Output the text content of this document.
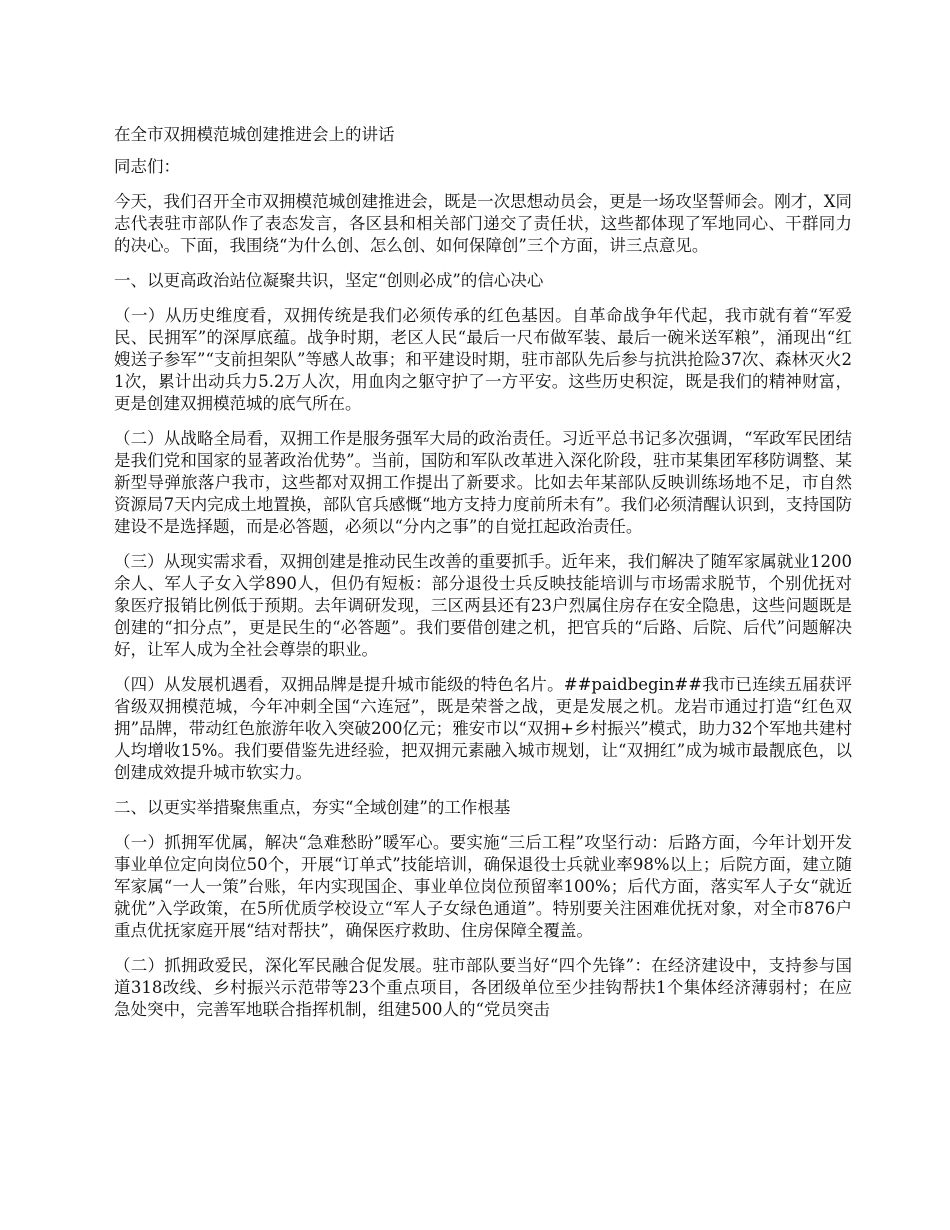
在全市双拥模范城创建推进会上的讲话

同志们：

今天，我们召开全市双拥模范城创建推进会，既是一次思想动员会，更是一场攻坚誓师会。刚才，X同志代表驻市部队作了表态发言，各区县和相关部门递交了责任状，这些都体现了军地同心、干群同力的决心。下面，我围绕“为什么创、怎么创、如何保障创”三个方面，讲三点意见。

一、以更高政治站位凝聚共识，坚定“创则必成”的信心决心

（一）从历史维度看，双拥传统是我们必须传承的红色基因。自革命战争年代起，我市就有着“军爱民、民拥军”的深厚底蕴。战争时期，老区人民“最后一尺布做军装、最后一碗米送军粮”，涌现出“红嫂送子参军”“支前担架队”等感人故事；和平建设时期，驻市部队先后参与抗洪抢险37次、森林灭火21次，累计出动兵力5.2万人次，用血肉之躯守护了一方平安。这些历史积淀，既是我们的精神财富，更是创建双拥模范城的底气所在。

（二）从战略全局看，双拥工作是服务强军大局的政治责任。习近平总书记多次强调，“军政军民团结是我们党和国家的显著政治优势”。当前，国防和军队改革进入深化阶段，驻市某集团军移防调整、某新型导弹旅落户我市，这些都对双拥工作提出了新要求。比如去年某部队反映训练场地不足，市自然资源局7天内完成土地置换，部队官兵感慨“地方支持力度前所未有”。我们必须清醒认识到，支持国防建设不是选择题，而是必答题，必须以“分内之事”的自觉扛起政治责任。

（三）从现实需求看，双拥创建是推动民生改善的重要抓手。近年来，我们解决了随军家属就业1200余人、军人子女入学890人，但仍有短板：部分退役士兵反映技能培训与市场需求脱节，个别优抚对象医疗报销比例低于预期。去年调研发现，三区两县还有23户烈属住房存在安全隐患，这些问题既是创建的“扣分点”，更是民生的“必答题”。我们要借创建之机，把官兵的“后路、后院、后代”问题解决好，让军人成为全社会尊崇的职业。

（四）从发展机遇看，双拥品牌是提升城市能级的特色名片。##paidbegin##我市已连续五届获评省级双拥模范城，今年冲刺全国“六连冠”，既是荣誉之战，更是发展之机。龙岩市通过打造“红色双拥”品牌，带动红色旅游年收入突破200亿元；雅安市以“双拥+乡村振兴”模式，助力32个军地共建村人均增收15%。我们要借鉴先进经验，把双拥元素融入城市规划，让“双拥红”成为城市最靓底色，以创建成效提升城市软实力。

二、以更实举措聚焦重点，夯实“全域创建”的工作根基

（一）抓拥军优属，解决“急难愁盼”暖军心。要实施“三后工程”攻坚行动：后路方面，今年计划开发事业单位定向岗位50个，开展“订单式”技能培训，确保退役士兵就业率98%以上；后院方面，建立随军家属“一人一策”台账，年内实现国企、事业单位岗位预留率100%；后代方面，落实军人子女“就近就优”入学政策，在5所优质学校设立“军人子女绿色通道”。特别要关注困难优抚对象，对全市876户重点优抚家庭开展“结对帮扶”，确保医疗救助、住房保障全覆盖。

（二）抓拥政爱民，深化军民融合促发展。驻市部队要当好“四个先锋”：在经济建设中，支持参与国道318改线、乡村振兴示范带等23个重点项目，各团级单位至少挂钩帮扶1个集体经济薄弱村；在应急处突中，完善军地联合指挥机制，组建500人的“党员突击
